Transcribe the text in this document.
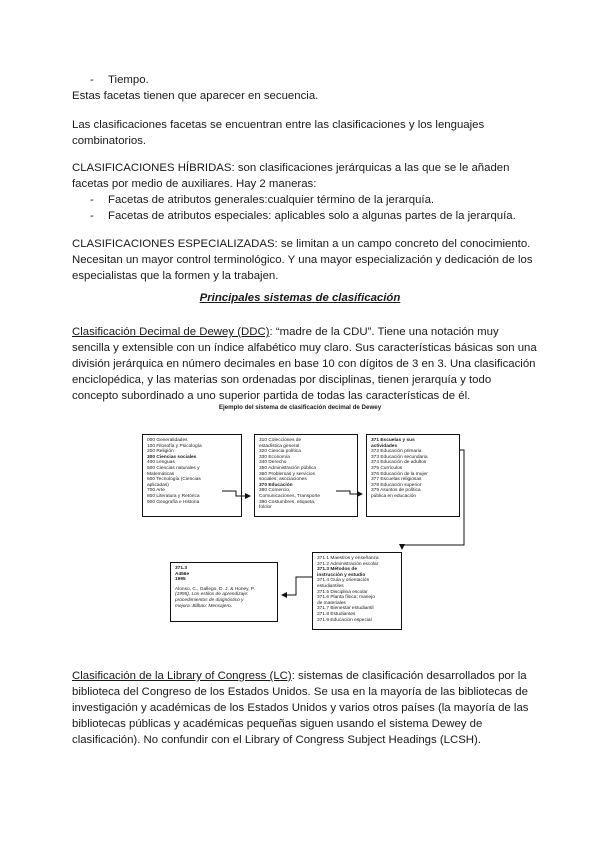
- Tiempo.
Estas facetas tienen que aparecer en secuencia.
Las clasificaciones facetas se encuentran entre las clasificaciones y los lenguajes
combinatorios.
CLASIFICACIONES HÍBRIDAS: son clasificaciones jerárquicas a las que se le añaden
facetas por medio de auxiliares. Hay 2 maneras:
- Facetas de atributos generales:cualquier término de la jerarquía.
- Facetas de atributos especiales: aplicables solo a algunas partes de la jerarquía.
CLASIFICACIONES ESPECIALIZADAS: se limitan a un campo concreto del conocimiento.
Necesitan un mayor control terminológico. Y una mayor especialización y dedicación de los
especialistas que la formen y la trabajen.
Principales sistemas de clasificación
Clasificación Decimal de Dewey (DDC): “madre de la CDU”. Tiene una notación muy
sencilla y extensible con un índice alfabético muy claro. Sus características básicas son una
división jerárquica en número decimales en base 10 con dígitos de 3 en 3. Una clasificación
enciclopédica, y las materias son ordenadas por disciplinas, tienen jerarquía y todo
concepto subordinado a uno superior partida de todas las características de él.
Ejemplo del sistema de clasificación decimal de Dewey
000 Generalidades
100 Filosofía y Psicología
200 Religión
300 Ciencias sociales
400 Lenguas
500 Ciencias naturales y
Matemáticas
600 Tecnología (Ciencias
aplicadas)
700 Arte
800 Literatura y Retórica
900 Geografía e Historia
310 Colecciones de
estadística general
320 Ciencia política
330 Economía
340 Derecho
350 Administración pública
360 Problemas y servicios
sociales; asociaciones
370 Educación
380 Comercio,
Comunicaciones, Transporte
390 Costumbres, etiqueta,
folclor
371 Escuelas y sus
actividades
372 Educación primaria
373 Educación secundaria
374 Educación de adultos
375 Currículos
376 Educación de la mujer
377 Escuelas religiosas
378 Educación superior
379 Asuntos de política
pública en educación
371.1 Maestros y enseñanza
371.2 Administración escolar
371.3 Métodos de
instrucción y estudio
371.4 Guía y orientación
estudiantiles
371.5 Disciplina escolar
371.6 Planta física; manejo
de materiales
371.7 Bienestar estudiantil
371.8 Estudiantes
371.9 Educación especial
371.3
A456e
1995
Alonso, C., Gallego, D. J. & Honey, P.
(1995). Los estilos de aprendizaje:
procedimientos de diagnóstico y
mejora. Bilbao: Mensajero.
Clasificación de la Library of Congress (LC): sistemas de clasificación desarrollados por la
biblioteca del Congreso de los Estados Unidos. Se usa en la mayoría de las bibliotecas de
investigación y académicas de los Estados Unidos y varios otros países (la mayoría de las
bibliotecas públicas y académicas pequeñas siguen usando el sistema Dewey de
clasificación). No confundir con el Library of Congress Subject Headings (LCSH).
